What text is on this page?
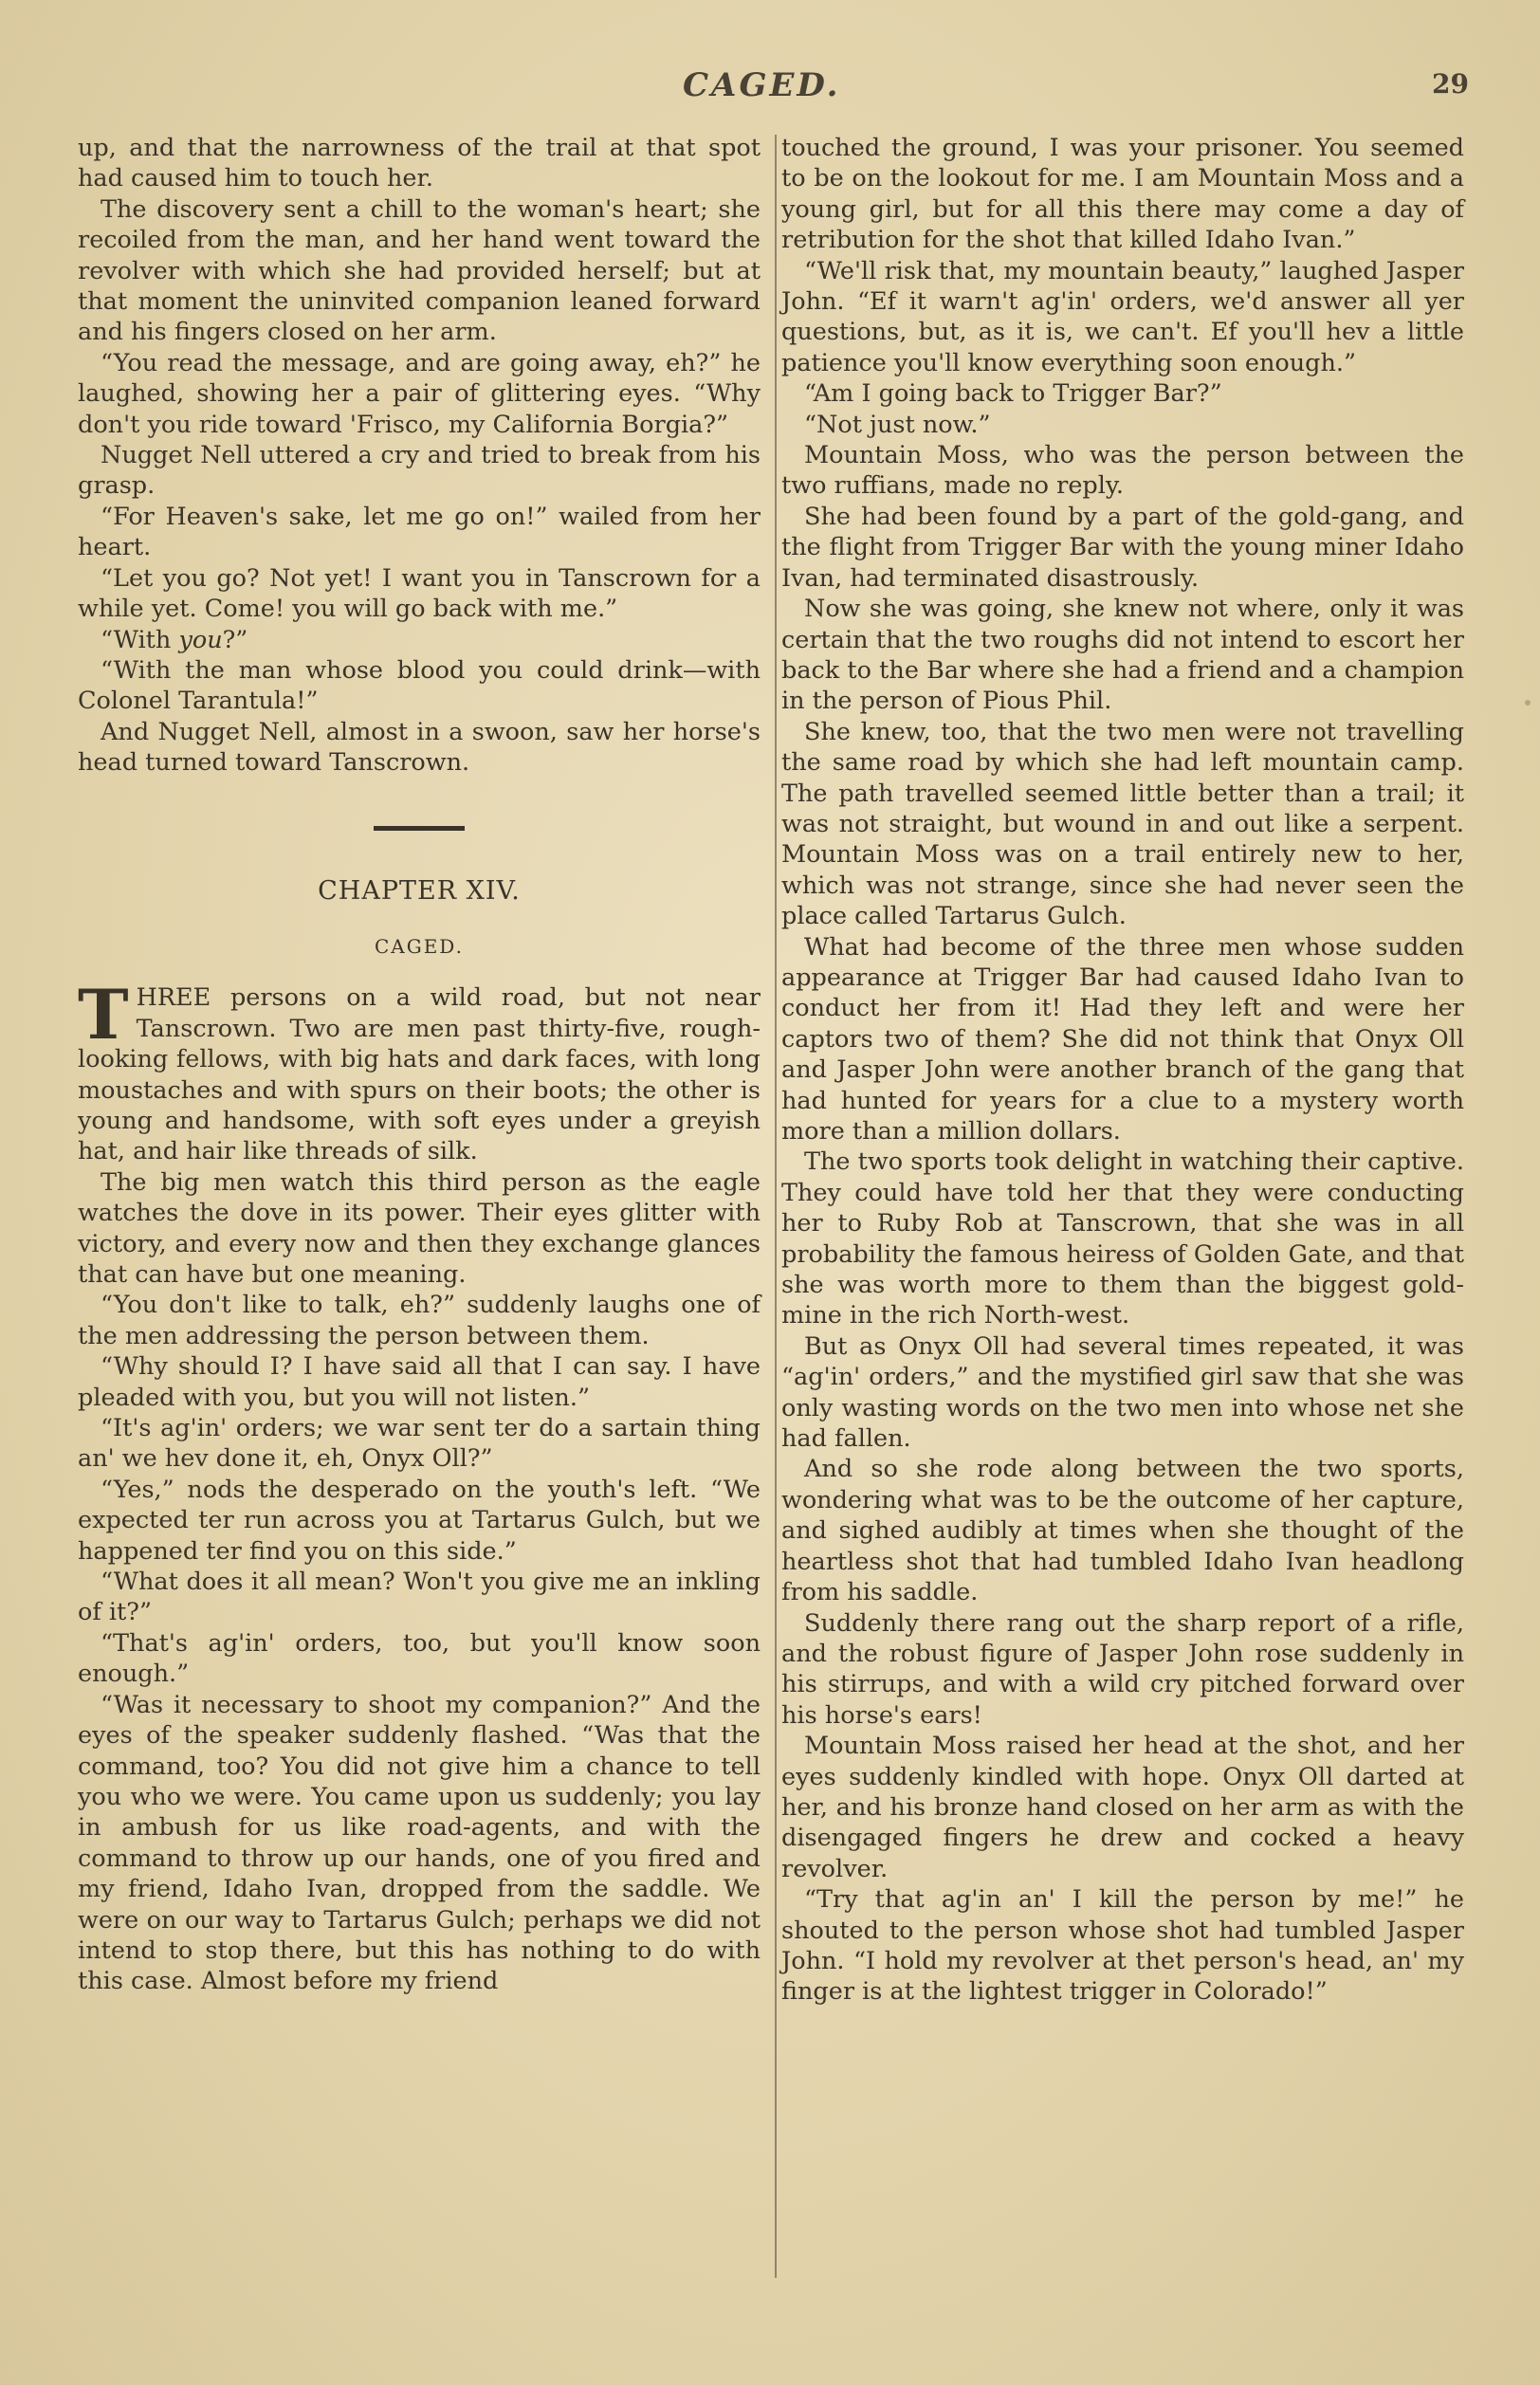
CAGED.	29

up, and that the narrowness of the trail at that spot had caused him to touch her.

The discovery sent a chill to the woman's heart; she recoiled from the man, and her hand went toward the revolver with which she had provided herself; but at that moment the uninvited companion leaned forward and his fingers closed on her arm.

“You read the message, and are going away, eh?” he laughed, showing her a pair of glittering eyes. “Why don't you ride toward 'Frisco, my California Borgia?”

Nugget Nell uttered a cry and tried to break from his grasp.

“For Heaven's sake, let me go on!” wailed from her heart.

“Let you go? Not yet! I want you in Tanscrown for a while yet. Come! you will go back with me.”

“With you?”

“With the man whose blood you could drink—with Colonel Tarantula!”

And Nugget Nell, almost in a swoon, saw her horse's head turned toward Tanscrown.

CHAPTER XIV.
CAGED.

THREE persons on a wild road, but not near Tanscrown. Two are men past thirty-five, rough-looking fellows, with big hats and dark faces, with long moustaches and with spurs on their boots; the other is young and handsome, with soft eyes under a greyish hat, and hair like threads of silk.

The big men watch this third person as the eagle watches the dove in its power. Their eyes glitter with victory, and every now and then they exchange glances that can have but one meaning.

“You don't like to talk, eh?” suddenly laughs one of the men addressing the person between them.

“Why should I? I have said all that I can say. I have pleaded with you, but you will not listen.”

“It's ag'in' orders; we war sent ter do a sartain thing an' we hev done it, eh, Onyx Oll?”

“Yes,” nods the desperado on the youth's left. “We expected ter run across you at Tartarus Gulch, but we happened ter find you on this side.”

“What does it all mean? Won't you give me an inkling of it?”

“That's ag'in' orders, too, but you'll know soon enough.”

“Was it necessary to shoot my companion?” And the eyes of the speaker suddenly flashed. “Was that the command, too? You did not give him a chance to tell you who we were. You came upon us suddenly; you lay in ambush for us like road-agents, and with the command to throw up our hands, one of you fired and my friend, Idaho Ivan, dropped from the saddle. We were on our way to Tartarus Gulch; perhaps we did not intend to stop there, but this has nothing to do with this case. Almost before my friend

touched the ground, I was your prisoner. You seemed to be on the lookout for me. I am Mountain Moss and a young girl, but for all this there may come a day of retribution for the shot that killed Idaho Ivan.”

“We'll risk that, my mountain beauty,” laughed Jasper John. “Ef it warn't ag'in' orders, we'd answer all yer questions, but, as it is, we can't. Ef you'll hev a little patience you'll know everything soon enough.”

“Am I going back to Trigger Bar?”

“Not just now.”

Mountain Moss, who was the person between the two ruffians, made no reply.

She had been found by a part of the gold-gang, and the flight from Trigger Bar with the young miner Idaho Ivan, had terminated disastrously.

Now she was going, she knew not where, only it was certain that the two roughs did not intend to escort her back to the Bar where she had a friend and a champion in the person of Pious Phil.

She knew, too, that the two men were not travelling the same road by which she had left mountain camp. The path travelled seemed little better than a trail; it was not straight, but wound in and out like a serpent. Mountain Moss was on a trail entirely new to her, which was not strange, since she had never seen the place called Tartarus Gulch.

What had become of the three men whose sudden appearance at Trigger Bar had caused Idaho Ivan to conduct her from it! Had they left and were her captors two of them? She did not think that Onyx Oll and Jasper John were another branch of the gang that had hunted for years for a clue to a mystery worth more than a million dollars.

The two sports took delight in watching their captive. They could have told her that they were conducting her to Ruby Rob at Tanscrown, that she was in all probability the famous heiress of Golden Gate, and that she was worth more to them than the biggest gold-mine in the rich North-west.

But as Onyx Oll had several times repeated, it was “ag'in' orders,” and the mystified girl saw that she was only wasting words on the two men into whose net she had fallen.

And so she rode along between the two sports, wondering what was to be the outcome of her capture, and sighed audibly at times when she thought of the heartless shot that had tumbled Idaho Ivan headlong from his saddle.

Suddenly there rang out the sharp report of a rifle, and the robust figure of Jasper John rose suddenly in his stirrups, and with a wild cry pitched forward over his horse's ears!

Mountain Moss raised her head at the shot, and her eyes suddenly kindled with hope. Onyx Oll darted at her, and his bronze hand closed on her arm as with the disengaged fingers he drew and cocked a heavy revolver.

“Try that ag'in an' I kill the person by me!” he shouted to the person whose shot had tumbled Jasper John. “I hold my revolver at thet person's head, an' my finger is at the lightest trigger in Colorado!”
